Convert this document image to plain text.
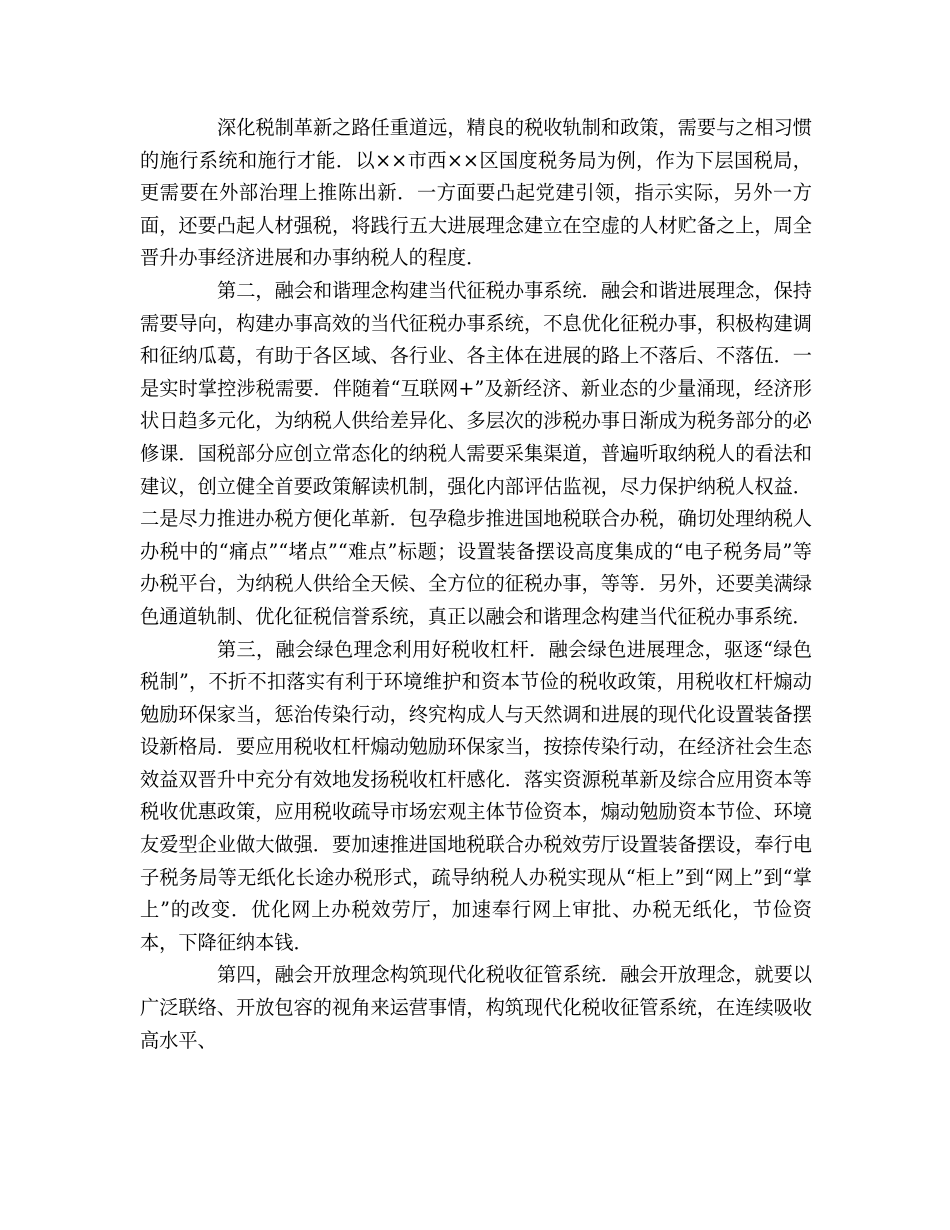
深化税制革新之路任重道远，精良的税收轨制和政策，需要与之相习惯的施行系统和施行才能．以××市西××区国度税务局为例，作为下层国税局，更需要在外部治理上推陈出新．一方面要凸起党建引领，指示实际，另外一方面，还要凸起人材强税，将践行五大进展理念建立在空虚的人材贮备之上，周全晋升办事经济进展和办事纳税人的程度．

第二，融会和谐理念构建当代征税办事系统．融会和谐进展理念，保持需要导向，构建办事高效的当代征税办事系统，不息优化征税办事，积极构建调和征纳瓜葛，有助于各区域、各行业、各主体在进展的路上不落后、不落伍．一是实时掌控涉税需要．伴随着“互联网+”及新经济、新业态的少量涌现，经济形状日趋多元化，为纳税人供给差异化、多层次的涉税办事日渐成为税务部分的必修课．国税部分应创立常态化的纳税人需要采集渠道，普遍听取纳税人的看法和建议，创立健全首要政策解读机制，强化内部评估监视，尽力保护纳税人权益．二是尽力推进办税方便化革新．包孕稳步推进国地税联合办税，确切处理纳税人办税中的“痛点”“堵点”“难点”标题；设置装备摆设高度集成的“电子税务局”等办税平台，为纳税人供给全天候、全方位的征税办事，等等．另外，还要美满绿色通道轨制、优化征税信誉系统，真正以融会和谐理念构建当代征税办事系统．

第三，融会绿色理念利用好税收杠杆．融会绿色进展理念，驱逐“绿色税制”，不折不扣落实有利于环境维护和资本节俭的税收政策，用税收杠杆煽动勉励环保家当，惩治传染行动，终究构成人与天然调和进展的现代化设置装备摆设新格局．要应用税收杠杆煽动勉励环保家当，按捺传染行动，在经济社会生态效益双晋升中充分有效地发扬税收杠杆感化．落实资源税革新及综合应用资本等税收优惠政策，应用税收疏导市场宏观主体节俭资本，煽动勉励资本节俭、环境友爱型企业做大做强．要加速推进国地税联合办税效劳厅设置装备摆设，奉行电子税务局等无纸化长途办税形式，疏导纳税人办税实现从“柜上”到“网上”到“掌上”的改变．优化网上办税效劳厅，加速奉行网上审批、办税无纸化，节俭资本，下降征纳本钱．

第四，融会开放理念构筑现代化税收征管系统．融会开放理念，就要以广泛联络、开放包容的视角来运营事情，构筑现代化税收征管系统，在连续吸收高水平、
